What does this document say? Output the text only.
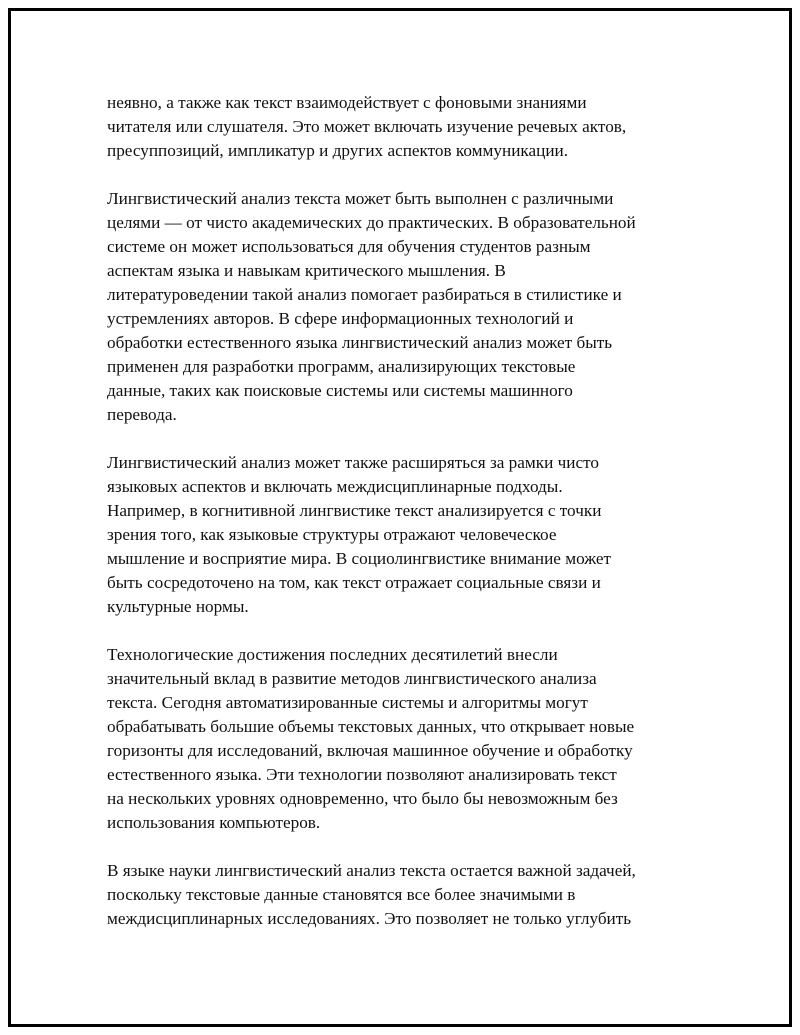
неявно, а также как текст взаимодействует с фоновыми знаниями
читателя или слушателя. Это может включать изучение речевых актов,
пресуппозиций, импликатур и других аспектов коммуникации.

Лингвистический анализ текста может быть выполнен с различными
целями — от чисто академических до практических. В образовательной
системе он может использоваться для обучения студентов разным
аспектам языка и навыкам критического мышления. В
литературоведении такой анализ помогает разбираться в стилистике и
устремлениях авторов. В сфере информационных технологий и
обработки естественного языка лингвистический анализ может быть
применен для разработки программ, анализирующих текстовые
данные, таких как поисковые системы или системы машинного
перевода.

Лингвистический анализ может также расширяться за рамки чисто
языковых аспектов и включать междисциплинарные подходы.
Например, в когнитивной лингвистике текст анализируется с точки
зрения того, как языковые структуры отражают человеческое
мышление и восприятие мира. В социолингвистике внимание может
быть сосредоточено на том, как текст отражает социальные связи и
культурные нормы.

Технологические достижения последних десятилетий внесли
значительный вклад в развитие методов лингвистического анализа
текста. Сегодня автоматизированные системы и алгоритмы могут
обрабатывать большие объемы текстовых данных, что открывает новые
горизонты для исследований, включая машинное обучение и обработку
естественного языка. Эти технологии позволяют анализировать текст
на нескольких уровнях одновременно, что было бы невозможным без
использования компьютеров.

В языке науки лингвистический анализ текста остается важной задачей,
поскольку текстовые данные становятся все более значимыми в
междисциплинарных исследованиях. Это позволяет не только углубить
